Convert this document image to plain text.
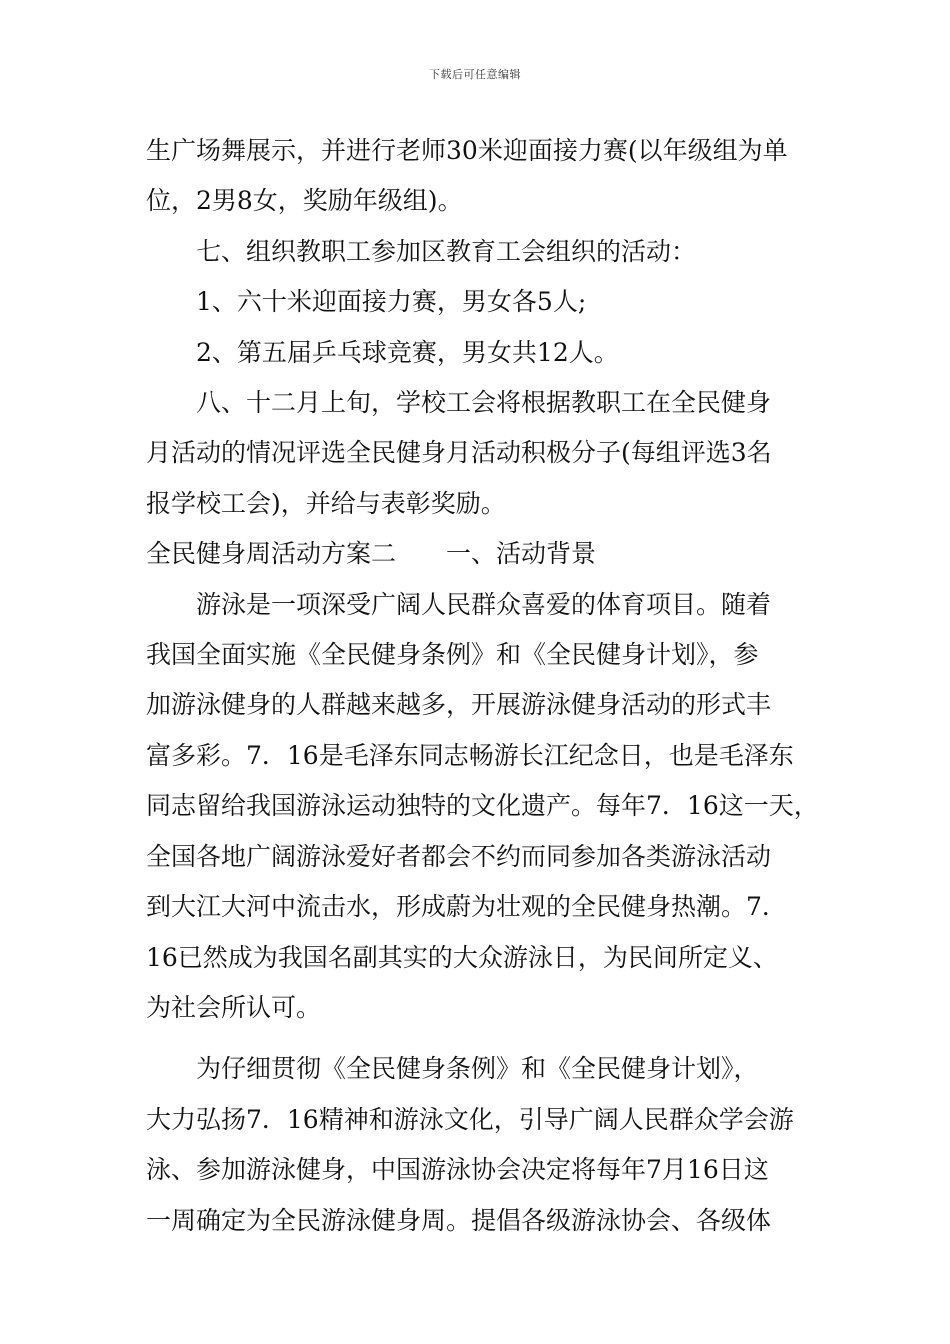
下载后可任意编辑

生广场舞展示，并进行老师30米迎面接力赛(以年级组为单

位，2男8女，奖励年级组)。

七、组织教职工参加区教育工会组织的活动：

1、六十米迎面接力赛，男女各5人;

2、第五届乒乓球竞赛，男女共12人。

八、十二月上旬，学校工会将根据教职工在全民健身

月活动的情况评选全民健身月活动积极分子(每组评选3名

报学校工会)，并给与表彰奖励。

全民健身周活动方案二　　一、活动背景

游泳是一项深受广阔人民群众喜爱的体育项目。随着

我国全面实施《全民健身条例》和《全民健身计划》，参

加游泳健身的人群越来越多，开展游泳健身活动的形式丰

富多彩。7．16是毛泽东同志畅游长江纪念日，也是毛泽东

同志留给我国游泳运动独特的文化遗产。每年7．16这一天，

全国各地广阔游泳爱好者都会不约而同参加各类游泳活动

到大江大河中流击水，形成蔚为壮观的全民健身热潮。7．

16已然成为我国名副其实的大众游泳日，为民间所定义、

为社会所认可。

为仔细贯彻《全民健身条例》和《全民健身计划》，

大力弘扬7．16精神和游泳文化，引导广阔人民群众学会游

泳、参加游泳健身，中国游泳协会决定将每年7月16日这

一周确定为全民游泳健身周。提倡各级游泳协会、各级体
